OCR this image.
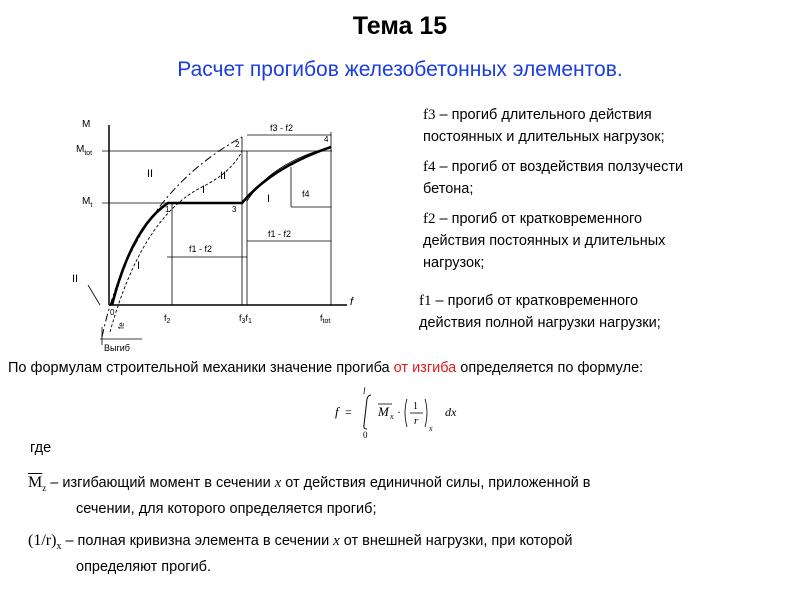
Тема 15
Расчет прогибов железобетонных элементов.
M
f
$M_{tot}$
$M_t$
f3 - f2
f4
f1 - f2
f1 - f2
1
2
3
4
II
I
II
I
I
II
0
fe
$f_2$	$f_3f_1$	$f_{tot}$
Выгиб
f3 – прогиб длительного действия
постоянных и длительных нагрузок;
f4 – прогиб от воздействия ползучести
бетона;
f2 – прогиб от кратковременного
действия постоянных и длительных
нагрузок;
f1 – прогиб от кратковременного
действия полной нагрузки нагрузки;
По формулам строительной механики значение прогиба от изгиба определяется по формуле:
f =
l
0
M x · 1
r
x
dx
где
$\overline{M}_z$ – изгибающий момент в сечении х от действия единичной силы, приложенной в
сечении, для которого определяется прогиб;
$(1/r)_x$ – полная кривизна элемента в сечении х от внешней нагрузки, при которой
определяют прогиб.
